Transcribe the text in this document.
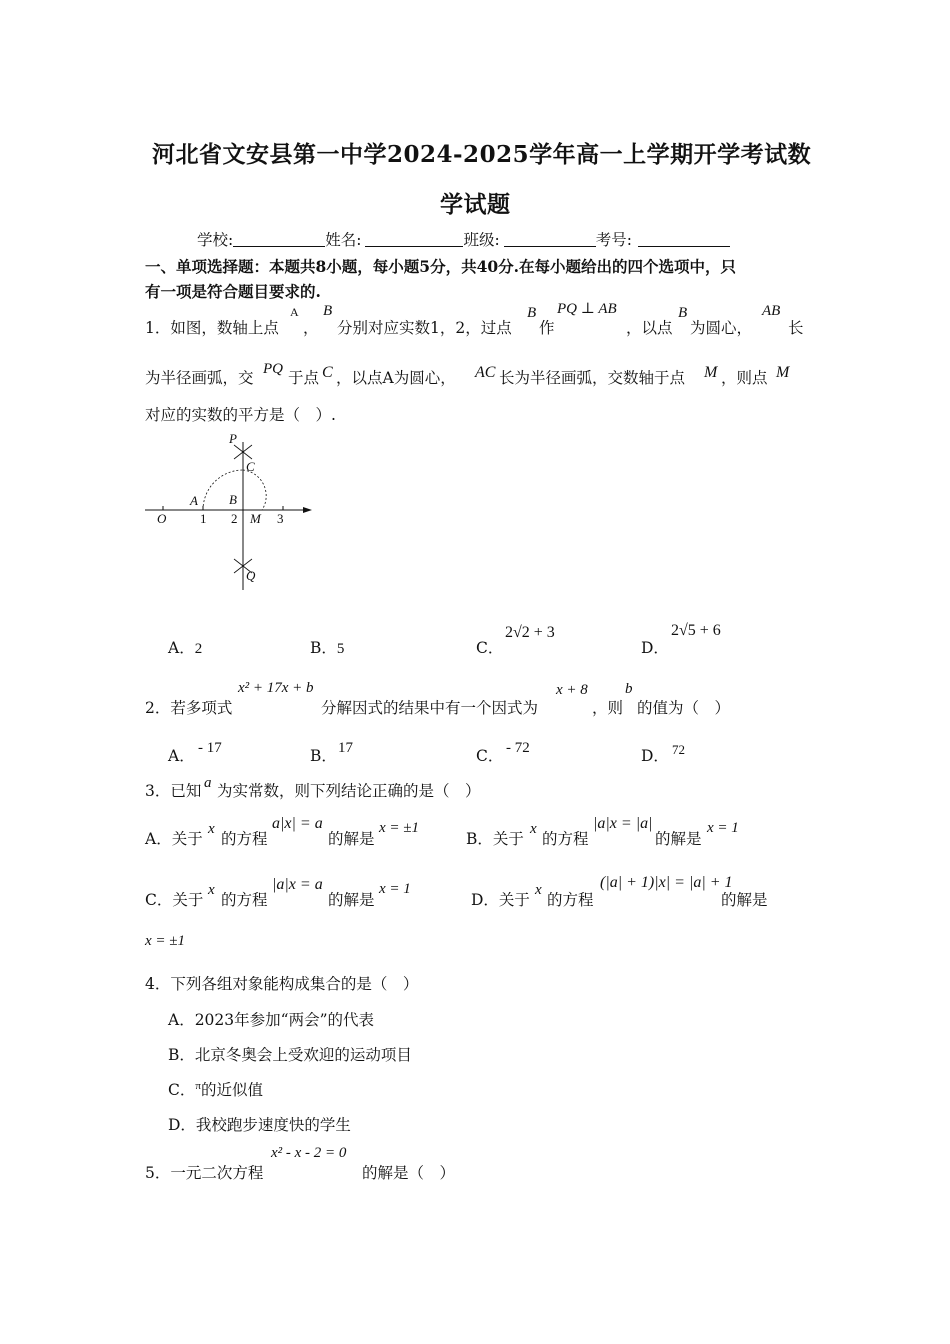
河北省文安县第一中学2024-2025学年高一上学期开学考试数
学试题
学校:	姓名:	班级:	考号:
一、单项选择题：本题共8小题，每小题5分，共40分.在每小题给出的四个选项中，只
有一项是符合题目要求的.
1．如图，数轴上点
A
，
B
分别对应实数1，2，过点
B
作
PQ ⊥ AB
，以点
B
为圆心，
AB
长
为半径画弧，交 PQ 于点 C ，以点A为圆心， AC 长为半径画弧，交数轴于点 M ，则点 M
对应的实数的平方是（　）.
P
C
A B
O	1 2 M 3
Q
A．2	B．5	C．
2√2 + 3
D．
2√5 + 6
2．若多项式
x² + 17x + b
分解因式的结果中有一个因式为
x + 8
，则
b
的值为（　）
A． - 17	B． 17	C． - 72	D． 72
3．已知 a 为实常数，则下列结论正确的是（　）
A．关于
x
的方程
a|x| = a
的解是
x = ±1
B．关于
x
的方程
|a|x = |a|
的解是
x = 1
C．关于
x
的方程
|a|x = a
的解是
x = 1
D．关于
x
的方程
(|a| + 1)|x| = |a| + 1
的解是
x = ±1
4．下列各组对象能构成集合的是（　）
A．2023年参加“两会”的代表
B．北京冬奥会上受欢迎的运动项目
C．$^\pi$的近似值
D．我校跑步速度快的学生
5．一元二次方程
x² - x - 2 = 0
的解是（　）
